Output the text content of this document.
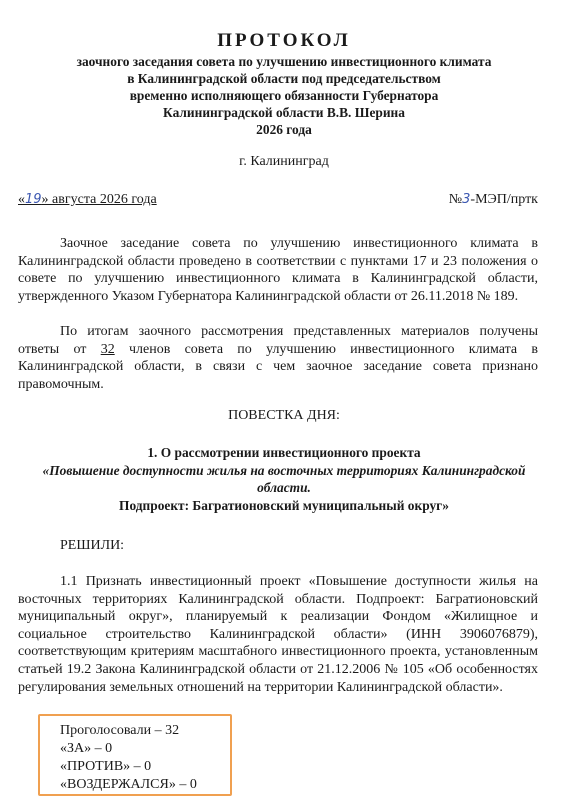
ПРОТОКОЛ
заочного заседания совета по улучшению инвестиционного климата
в Калининградской области под председательством
временно исполняющего обязанности Губернатора
Калининградской области В.В. Шерина
2026 года
г. Калининград
«19» августа 2026 года	№3-МЭП/пртк
Заочное заседание совета по улучшению инвестиционного климата в Калининградской области проведено в соответствии с пунктами 17 и 23 положения о совете по улучшению инвестиционного климата в Калининградской области, утвержденного Указом Губернатора Калининградской области от 26.11.2018 № 189.
По итогам заочного рассмотрения представленных материалов получены ответы от 32 членов совета по улучшению инвестиционного климата в Калининградской области, в связи с чем заочное заседание совета признано правомочным.
ПОВЕСТКА ДНЯ:
1. О рассмотрении инвестиционного проекта
«Повышение доступности жилья на восточных территориях Калининградской области.
Подпроект: Багратионовский муниципальный округ»
РЕШИЛИ:
1.1 Признать инвестиционный проект «Повышение доступности жилья на восточных территориях Калининградской области. Подпроект: Багратионовский муниципальный округ», планируемый к реализации Фондом «Жилищное и социальное строительство Калининградской области» (ИНН 3906076879), соответствующим критериям масштабного инвестиционного проекта, установленным статьей 19.2 Закона Калининградской области от 21.12.2006 № 105 «Об особенностях регулирования земельных отношений на территории Калининградской области».
Проголосовали – 32
«ЗА» – 0
«ПРОТИВ» – 0
«ВОЗДЕРЖАЛСЯ» – 0
